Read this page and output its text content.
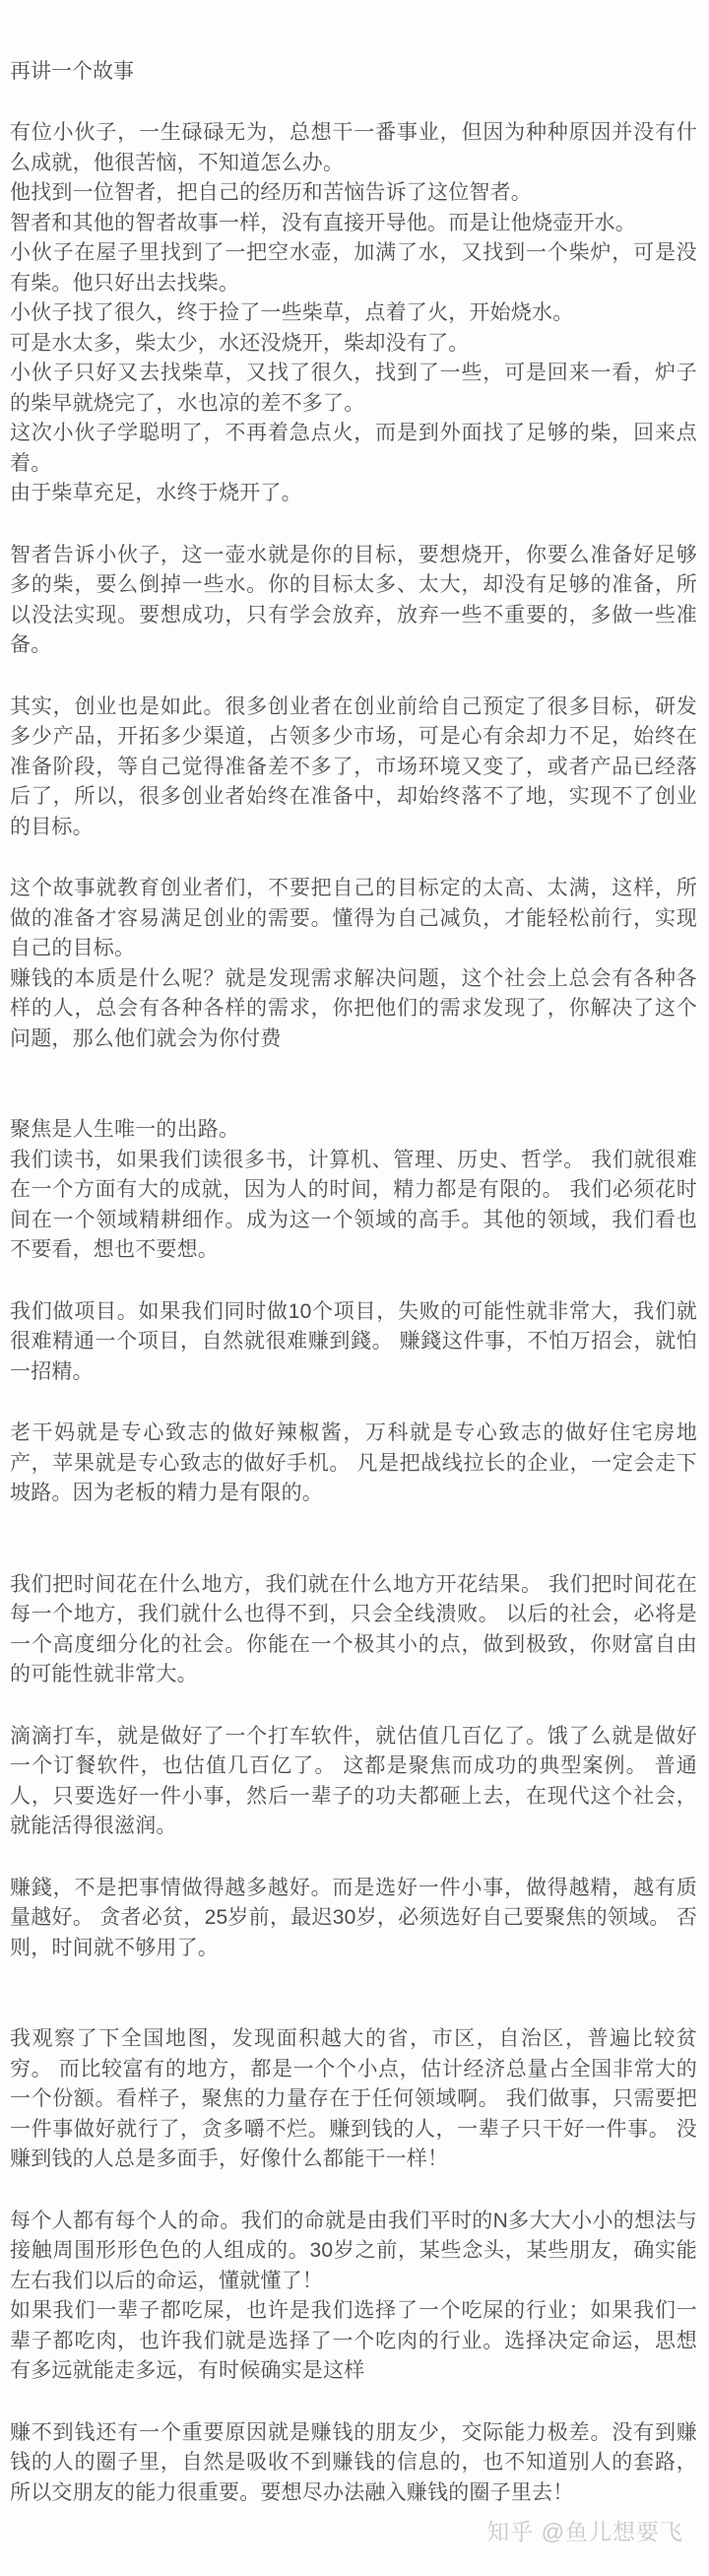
再讲一个故事

有位小伙子，一生碌碌无为，总想干一番事业，但因为种种原因并没有什么成就，他很苦恼，不知道怎么办。

他找到一位智者，把自己的经历和苦恼告诉了这位智者。

智者和其他的智者故事一样，没有直接开导他。而是让他烧壶开水。

小伙子在屋子里找到了一把空水壶，加满了水，又找到一个柴炉，可是没有柴。他只好出去找柴。

小伙子找了很久，终于捡了一些柴草，点着了火，开始烧水。

可是水太多，柴太少，水还没烧开，柴却没有了。

小伙子只好又去找柴草，又找了很久，找到了一些，可是回来一看，炉子的柴早就烧完了，水也凉的差不多了。

这次小伙子学聪明了，不再着急点火，而是到外面找了足够的柴，回来点着。

由于柴草充足，水终于烧开了。

智者告诉小伙子，这一壶水就是你的目标，要想烧开，你要么准备好足够多的柴，要么倒掉一些水。你的目标太多、太大，却没有足够的准备，所以没法实现。要想成功，只有学会放弃，放弃一些不重要的，多做一些准备。

其实，创业也是如此。很多创业者在创业前给自己预定了很多目标，研发多少产品，开拓多少渠道，占领多少市场，可是心有余却力不足，始终在准备阶段，等自己觉得准备差不多了，市场环境又变了，或者产品已经落后了，所以，很多创业者始终在准备中，却始终落不了地，实现不了创业的目标。

这个故事就教育创业者们，不要把自己的目标定的太高、太满，这样，所做的准备才容易满足创业的需要。懂得为自己减负，才能轻松前行，实现自己的目标。

赚钱的本质是什么呢？就是发现需求解决问题，这个社会上总会有各种各样的人，总会有各种各样的需求，你把他们的需求发现了，你解决了这个问题，那么他们就会为你付费

聚焦是人生唯一的出路。

我们读书，如果我们读很多书，计算机、管理、历史、哲学。 我们就很难在一个方面有大的成就，因为人的时间，精力都是有限的。 我们必须花时间在一个领域精耕细作。成为这一个领域的高手。其他的领域，我们看也不要看，想也不要想。

我们做项目。如果我们同时做10个项目，失败的可能性就非常大，我们就很难精通一个项目，自然就很难赚到錢。 赚錢这件事，不怕万招会，就怕一招精。

老干妈就是专心致志的做好辣椒酱，万科就是专心致志的做好住宅房地产，苹果就是专心致志的做好手机。 凡是把战线拉长的企业，一定会走下坡路。因为老板的精力是有限的。

我们把时间花在什么地方，我们就在什么地方开花结果。 我们把时间花在每一个地方，我们就什么也得不到，只会全线溃败。 以后的社会，必将是一个高度细分化的社会。你能在一个极其小的点，做到极致，你财富自由的可能性就非常大。

滴滴打车，就是做好了一个打车软件，就估值几百亿了。饿了么就是做好一个订餐软件，也估值几百亿了。 这都是聚焦而成功的典型案例。 普通人，只要选好一件小事，然后一辈子的功夫都砸上去，在现代这个社会，就能活得很滋润。

赚錢，不是把事情做得越多越好。而是选好一件小事，做得越精，越有质量越好。 贪者必贫，25岁前，最迟30岁，必须选好自己要聚焦的领域。 否则，时间就不够用了。

我观察了下全国地图，发现面积越大的省，市区，自治区，普遍比较贫穷。 而比较富有的地方，都是一个个小点，估计经济总量占全国非常大的一个份额。看样子，聚焦的力量存在于任何领域啊。 我们做事，只需要把一件事做好就行了，贪多嚼不烂。赚到钱的人，一辈子只干好一件事。 没赚到钱的人总是多面手，好像什么都能干一样！

每个人都有每个人的命。我们的命就是由我们平时的N多大大小小的想法与接触周围形形色色的人组成的。30岁之前，某些念头，某些朋友，确实能左右我们以后的命运，懂就懂了！

如果我们一辈子都吃屎，也许是我们选择了一个吃屎的行业；如果我们一辈子都吃肉，也许我们就是选择了一个吃肉的行业。选择决定命运，思想有多远就能走多远，有时候确实是这样

赚不到钱还有一个重要原因就是赚钱的朋友少，交际能力极差。没有到赚钱的人的圈子里，自然是吸收不到赚钱的信息的，也不知道别人的套路，所以交朋友的能力很重要。要想尽办法融入赚钱的圈子里去！

知乎 @鱼儿想要飞
